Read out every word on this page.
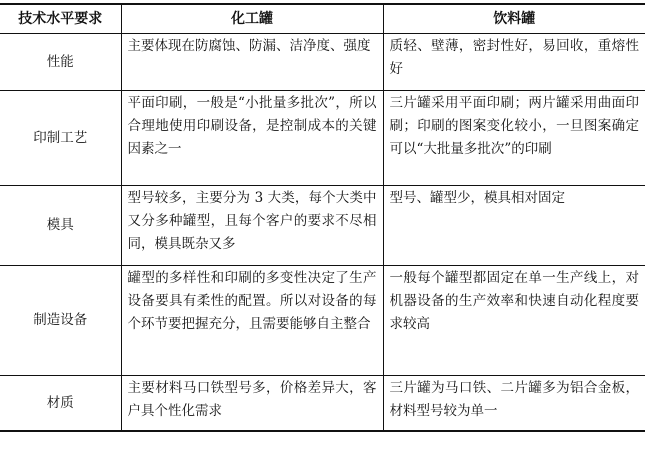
技术水平要求	化工罐	饮料罐
性能	主要体现在防腐蚀、防漏、洁净度、强度	质轻、壁薄，密封性好，易回收，重熔性好
印制工艺	平面印刷，一般是“小批量多批次”，所以合理地使用印刷设备，是控制成本的关键因素之一	三片罐采用平面印刷；两片罐采用曲面印刷；印刷的图案变化较小，一旦图案确定可以“大批量多批次”的印刷
模具	型号较多，主要分为 3 大类，每个大类中又分多种罐型，且每个客户的要求不尽相同，模具既杂又多	型号、罐型少，模具相对固定
制造设备	罐型的多样性和印刷的多变性决定了生产设备要具有柔性的配置。所以对设备的每个环节要把握充分，且需要能够自主整合	一般每个罐型都固定在单一生产线上，对机器设备的生产效率和快速自动化程度要求较高
材质	主要材料马口铁型号多，价格差异大，客户具个性化需求	三片罐为马口铁、二片罐多为铝合金板，材料型号较为单一
